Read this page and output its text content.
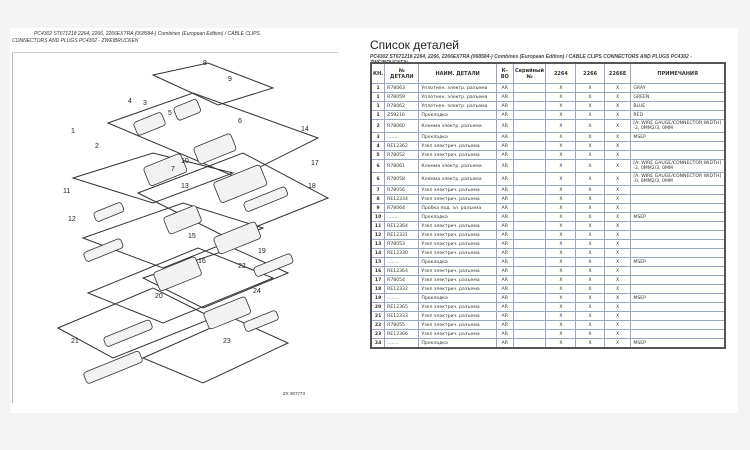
PC4302 ST671218 2264, 2266, 2266EXTRA (068584-) Combines (European Edition) / CABLE CLIPS
CONNECTORS AND PLUGS PC4302 - ZWEIBRUCKEN
1
2
3
4
5
6
7
8
9
10
11
12
13
14
15
16
17
18
19
20
21
22
23
24
ZX 907773
Список деталей
PC4302 ST671218 2264, 2266, 2266EXTRA (068584-) Combines (European Edition) / CABLE CLIPS CONNECTORS AND PLUGS PC4302 - ZWEIBRUCKEN
КН.	№ ДЕТАЛИ	НАИМ. ДЕТАЛИ	К-ВО	Серийный №	2264	2266	2266E	ПРИМЕЧАНИЯ
1	R78063	Уплотнен. электр. разъема	AR		X	X	X	GRAY
1	R78059	Уплотнен. электр. разъема	AR		X	X	X	GREEN
1	R78062	Уплотнен. электр. разъема	AR		X	X	X	BLUE
1	Z59216	Прокладка	AR		X	X	X	RED
2	R78060	Клемма электр. разъема	AR		X	X	X	[A: WIRE GAUGE/CONNECTOR WIDTH] -2, 0MM2/3, 0MM
3	........	Прокладка	AR		X	X	X	MSEP
4	RE12362	Узел электрич. разъема	AR		X	X	X	
5	R78052	Узел электрич. разъема	AR		X	X	X	
6	R78061	Клемма электр. разъема	AR		X	X	X	[A: WIRE GAUGE/CONNECTOR WIDTH] -2, 0MM2/3, 0MM
6	R78058	Клемма электр. разъема	AR		X	X	X	[A: WIRE GAUGE/CONNECTOR WIDTH] -0, 8MM2/3, 0MM
7	R78056	Узел электрич. разъема	AR		X	X	X	
8	RE12334	Узел электрич. разъема	AR		X	X	X	
9	R78064	Пробка под. эл. разъема	AR		X	X	X	
10	........	Прокладка	AR		X	X	X	MSEP
11	RE12364	Узел электрич. разъема	AR		X	X	X	
12	RE12331	Узел электрич. разъема	AR		X	X	X	
13	R78053	Узел электрич. разъема	AR		X	X	X	
14	RE12330	Узел электрич. разъема	AR		X	X	X	
15	........	Прокладка	AR		X	X	X	MSEP
16	RE12364	Узел электрич. разъема	AR		X	X	X	
17	R78054	Узел электрич. разъема	AR		X	X	X	
18	RE12332	Узел электрич. разъема	AR		X	X	X	
19	........	Прокладка	AR		X	X	X	MSEP
20	RE12365	Узел электрич. разъема	AR		X	X	X	
21	RE12333	Узел электрич. разъема	AR		X	X	X	
22	R78055	Узел электрич. разъема	AR		X	X	X	
23	RE12366	Узел электрич. разъема	AR		X	X	X	
24	........	Прокладка	AR		X	X	X	MSEP
